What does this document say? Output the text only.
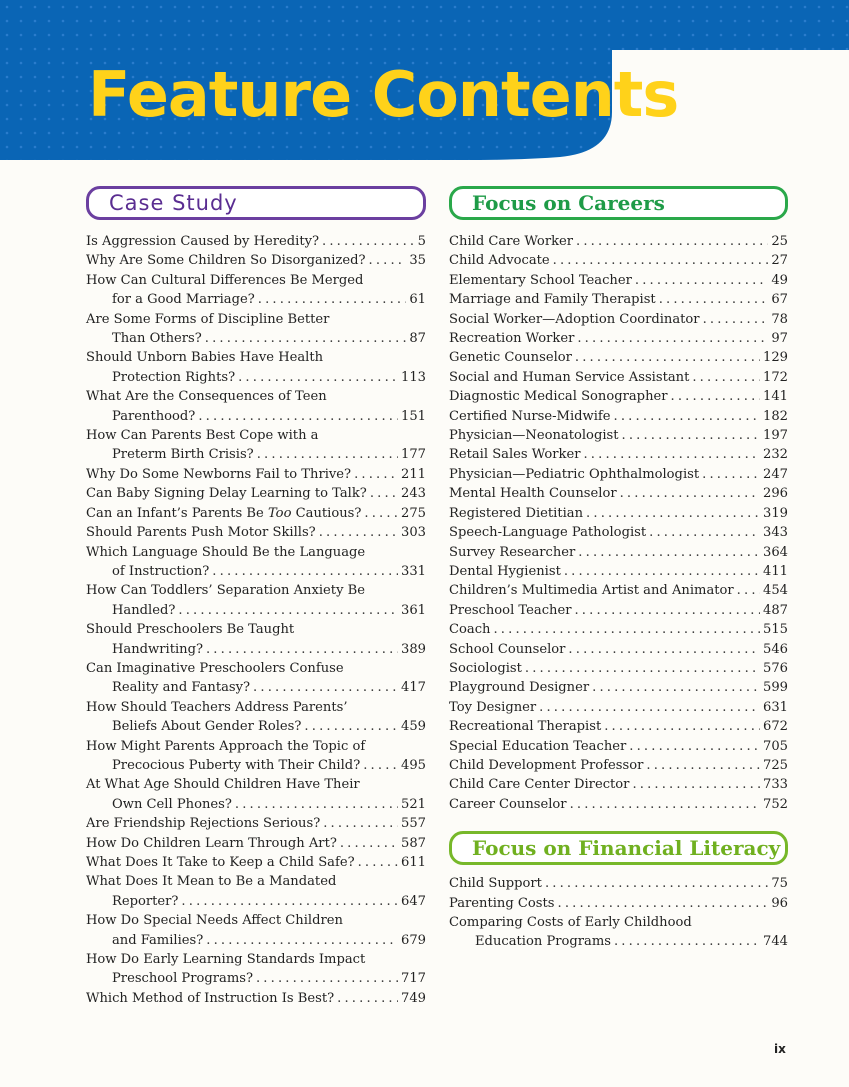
Feature Contents
Case Study
Is Aggression Caused by Heredity? . . .	5
Why Are Some Children So Disorganized? . . .	35
How Can Cultural Differences Be Merged
for a Good Marriage? . . .	61
Are Some Forms of Discipline Better
Than Others? . . .	87
Should Unborn Babies Have Health
Protection Rights? . . .	113
What Are the Consequences of Teen
Parenthood? . . .	151
How Can Parents Best Cope with a
Preterm Birth Crisis? . . .	177
Why Do Some Newborns Fail to Thrive? . . .	211
Can Baby Signing Delay Learning to Talk? . . .	243
Can an Infant’s Parents Be Too Cautious? . . .	275
Should Parents Push Motor Skills? . . .	303
Which Language Should Be the Language
of Instruction? . . .	331
How Can Toddlers’ Separation Anxiety Be
Handled? . . .	361
Should Preschoolers Be Taught
Handwriting? . . .	389
Can Imaginative Preschoolers Confuse
Reality and Fantasy? . . .	417
How Should Teachers Address Parents’
Beliefs About Gender Roles? . . .	459
How Might Parents Approach the Topic of
Precocious Puberty with Their Child? . . .	495
At What Age Should Children Have Their
Own Cell Phones? . . .	521
Are Friendship Rejections Serious? . . .	557
How Do Children Learn Through Art? . . .	587
What Does It Take to Keep a Child Safe? . . .	611
What Does It Mean to Be a Mandated
Reporter? . . .	647
How Do Special Needs Affect Children
and Families? . . .	679
How Do Early Learning Standards Impact
Preschool Programs? . . .	717
Which Method of Instruction Is Best? . . .	749
Focus on Careers
Child Care Worker . . .	25
Child Advocate . . .	27
Elementary School Teacher . . .	49
Marriage and Family Therapist . . .	67
Social Worker—Adoption Coordinator . . .	78
Recreation Worker . . .	97
Genetic Counselor . . .	129
Social and Human Service Assistant . . .	172
Diagnostic Medical Sonographer . . .	141
Certified Nurse-Midwife . . .	182
Physician—Neonatologist . . .	197
Retail Sales Worker . . .	232
Physician—Pediatric Ophthalmologist . . .	247
Mental Health Counselor . . .	296
Registered Dietitian . . .	319
Speech-Language Pathologist . . .	343
Survey Researcher . . .	364
Dental Hygienist . . .	411
Children’s Multimedia Artist and Animator . . . 454
Preschool Teacher . . .	487
Coach . . .	515
School Counselor . . .	546
Sociologist . . .	576
Playground Designer . . .	599
Toy Designer . . .	631
Recreational Therapist . . .	672
Special Education Teacher . . .	705
Child Development Professor . . .	725
Child Care Center Director . . .	733
Career Counselor . . .	752
Focus on Financial Literacy
Child Support . . .	75
Parenting Costs . . .	96
Comparing Costs of Early Childhood
Education Programs . . .	744
ix
